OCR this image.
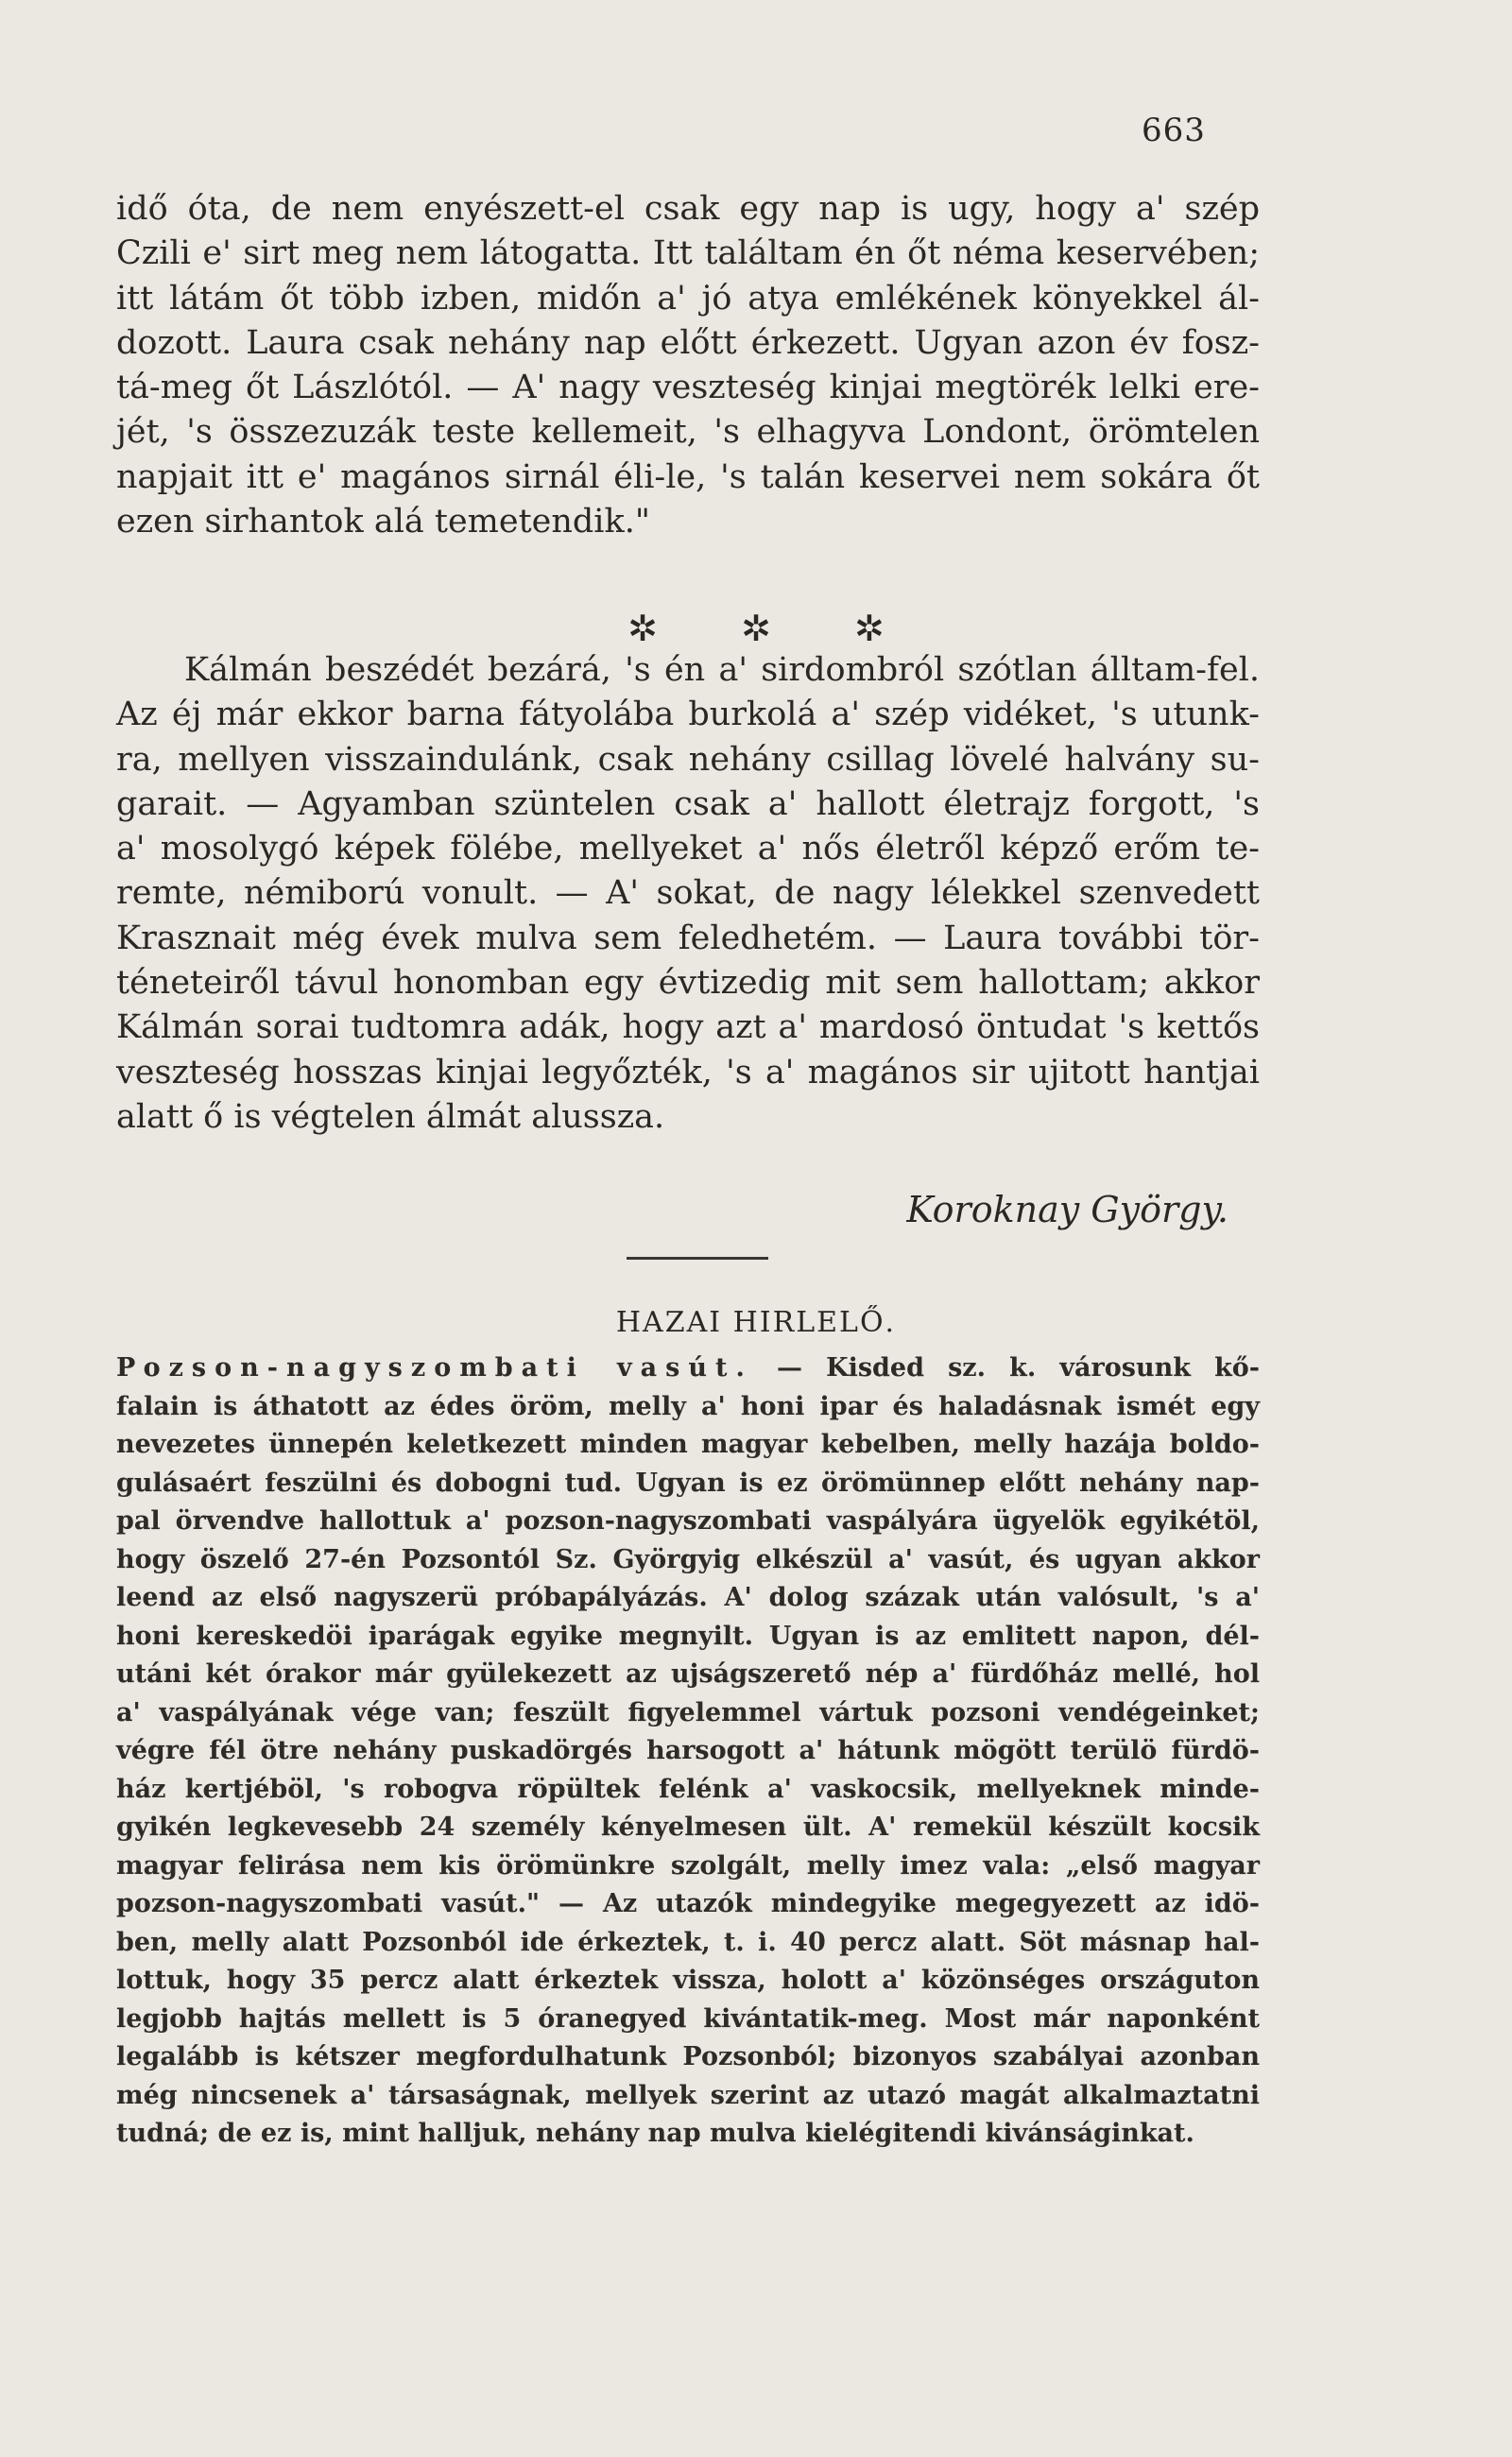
663
idő óta, de nem enyészett-el csak egy nap is ugy, hogy a' szép
Czili e' sirt meg nem látogatta. Itt találtam én őt néma keservében;
itt látám őt több izben, midőn a' jó atya emlékének könyekkel ál-
dozott. Laura csak nehány nap előtt érkezett. Ugyan azon év fosz-
tá-meg őt Lászlótól. — A' nagy veszteség kinjai megtörék lelki ere-
jét, 's összezuzák teste kellemeit, 's elhagyva Londont, örömtelen
napjait itt e' magános sirnál éli-le, 's talán keservei nem sokára őt
ezen sirhantok alá temetendik."
✲ ✲ ✲
Kálmán beszédét bezárá, 's én a' sirdombról szótlan álltam-fel.
Az éj már ekkor barna fátyolába burkolá a' szép vidéket, 's utunk-
ra, mellyen visszaindulánk, csak nehány csillag lövelé halvány su-
garait. — Agyamban szüntelen csak a' hallott életrajz forgott, 's
a' mosolygó képek fölébe, mellyeket a' nős életről képző erőm te-
remte, némiború vonult. — A' sokat, de nagy lélekkel szenvedett
Krasznait még évek mulva sem feledhetém. — Laura további tör-
téneteiről távul honomban egy évtizedig mit sem hallottam; akkor
Kálmán sorai tudtomra adák, hogy azt a' mardosó öntudat 's kettős
veszteség hosszas kinjai legyőzték, 's a' magános sir ujitott hantjai
alatt ő is végtelen álmát alussza.
Koroknay György.
HAZAI HIRLELŐ.
Pozson-nagyszombati vasút. — Kisded sz. k. városunk kő-
falain is áthatott az édes öröm, melly a' honi ipar és haladásnak ismét egy
nevezetes ünnepén keletkezett minden magyar kebelben, melly hazája boldo-
gulásaért feszülni és dobogni tud. Ugyan is ez örömünnep előtt nehány nap-
pal örvendve hallottuk a' pozson-nagyszombati vaspályára ügyelök egyikétöl,
hogy öszelő 27-én Pozsontól Sz. Györgyig elkészül a' vasút, és ugyan akkor
leend az első nagyszerü próbapályázás. A' dolog százak után valósult, 's a'
honi kereskedöi iparágak egyike megnyilt. Ugyan is az emlitett napon, dél-
utáni két órakor már gyülekezett az ujságszerető nép a' fürdőház mellé, hol
a' vaspályának vége van; feszült figyelemmel vártuk pozsoni vendégeinket;
végre fél ötre nehány puskadörgés harsogott a' hátunk mögött terülö fürdö-
ház kertjéböl, 's robogva röpültek felénk a' vaskocsik, mellyeknek minde-
gyikén legkevesebb 24 személy kényelmesen ült. A' remekül készült kocsik
magyar felirása nem kis örömünkre szolgált, melly imez vala: „első magyar
pozson-nagyszombati vasút." — Az utazók mindegyike megegyezett az idö-
ben, melly alatt Pozsonból ide érkeztek, t. i. 40 percz alatt. Söt másnap hal-
lottuk, hogy 35 percz alatt érkeztek vissza, holott a' közönséges országuton
legjobb hajtás mellett is 5 óranegyed kivántatik-meg. Most már naponként
legalább is kétszer megfordulhatunk Pozsonból; bizonyos szabályai azonban
még nincsenek a' társaságnak, mellyek szerint az utazó magát alkalmaztatni
tudná; de ez is, mint halljuk, nehány nap mulva kielégitendi kivánságinkat.
